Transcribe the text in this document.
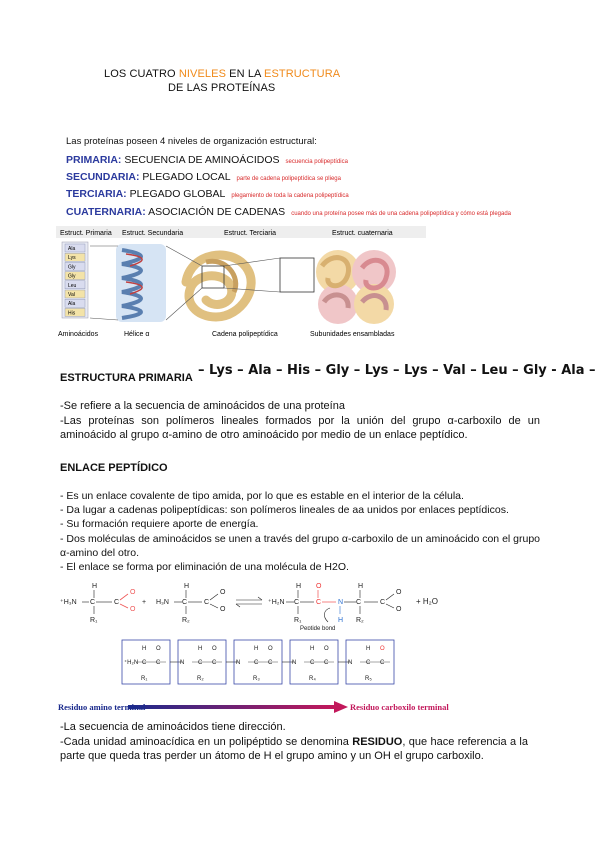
LOS CUATRO NIVELES EN LA ESTRUCTURA
DE LAS PROTEÍNAS
Las proteínas poseen 4 niveles de organización estructural:
PRIMARIA: SECUENCIA DE AMINOÁCIDOS secuencia polipeptídica
SECUNDARIA: PLEGADO LOCAL parte de cadena polipeptídica se pliega
TERCIARIA: PLEGADO GLOBAL plegamiento de toda la cadena polipeptídica
CUATERNARIA: ASOCIACIÓN DE CADENAS cuando una proteína posee más de una cadena polipeptídica y cómo está plegada
Estruct. Primaria Estruct. Secundaria	Estruct. Terciaria	Estruct. cuaternaria
Ala
Lys
Gly
Gly
Leu
Val
Ala
His
Aminoácidos	Hélice α	Cadena polipeptídica	Subunidades ensambladas
ESTRUCTURA PRIMARIA – Lys – Ala – His – Gly – Lys – Lys – Val – Leu – Gly - Ala –

-Se refiere a la secuencia de aminoácidos de una proteína

-Las proteínas son polímeros lineales formados por la unión del grupo α-carboxilo de un aminoácido al grupo α-amino de otro aminoácido por medio de un enlace peptídico.

ENLACE PEPTÍDICO

- Es un enlace covalente de tipo amida, por lo que es estable en el interior de la célula.

- Da lugar a cadenas polipeptídicas: son polímeros lineales de aa unidos por enlaces peptídicos.

- Su formación requiere aporte de energía.

- Dos moléculas de aminoácidos se unen a través del grupo α-carboxilo de un aminoácido con el grupo α-amino del otro.

- El enlace se forma por eliminación de una molécula de H2O.

⁺H₃N
H
C	C
R₁
O
O
+ H₃N
H
C C
R₂
O
O
⁺H₂N
H
C C
O
R₁
N
H
H
C
R₂
C
O
O
Peptide bond
+ H₂O
⁺H₂N C C
H O
R₁
N C C
H O
R₂
N C C
H O
R₃
N C C
H O
R₄
N C C
H O
R₅
Residuo amino terminal	Residuo carboxilo terminal

-La secuencia de aminoácidos tiene dirección.

-Cada unidad aminoacídica en un polipéptido se denomina RESIDUO, que hace referencia a la parte que queda tras perder un átomo de H el grupo amino y un OH el grupo carboxilo.
